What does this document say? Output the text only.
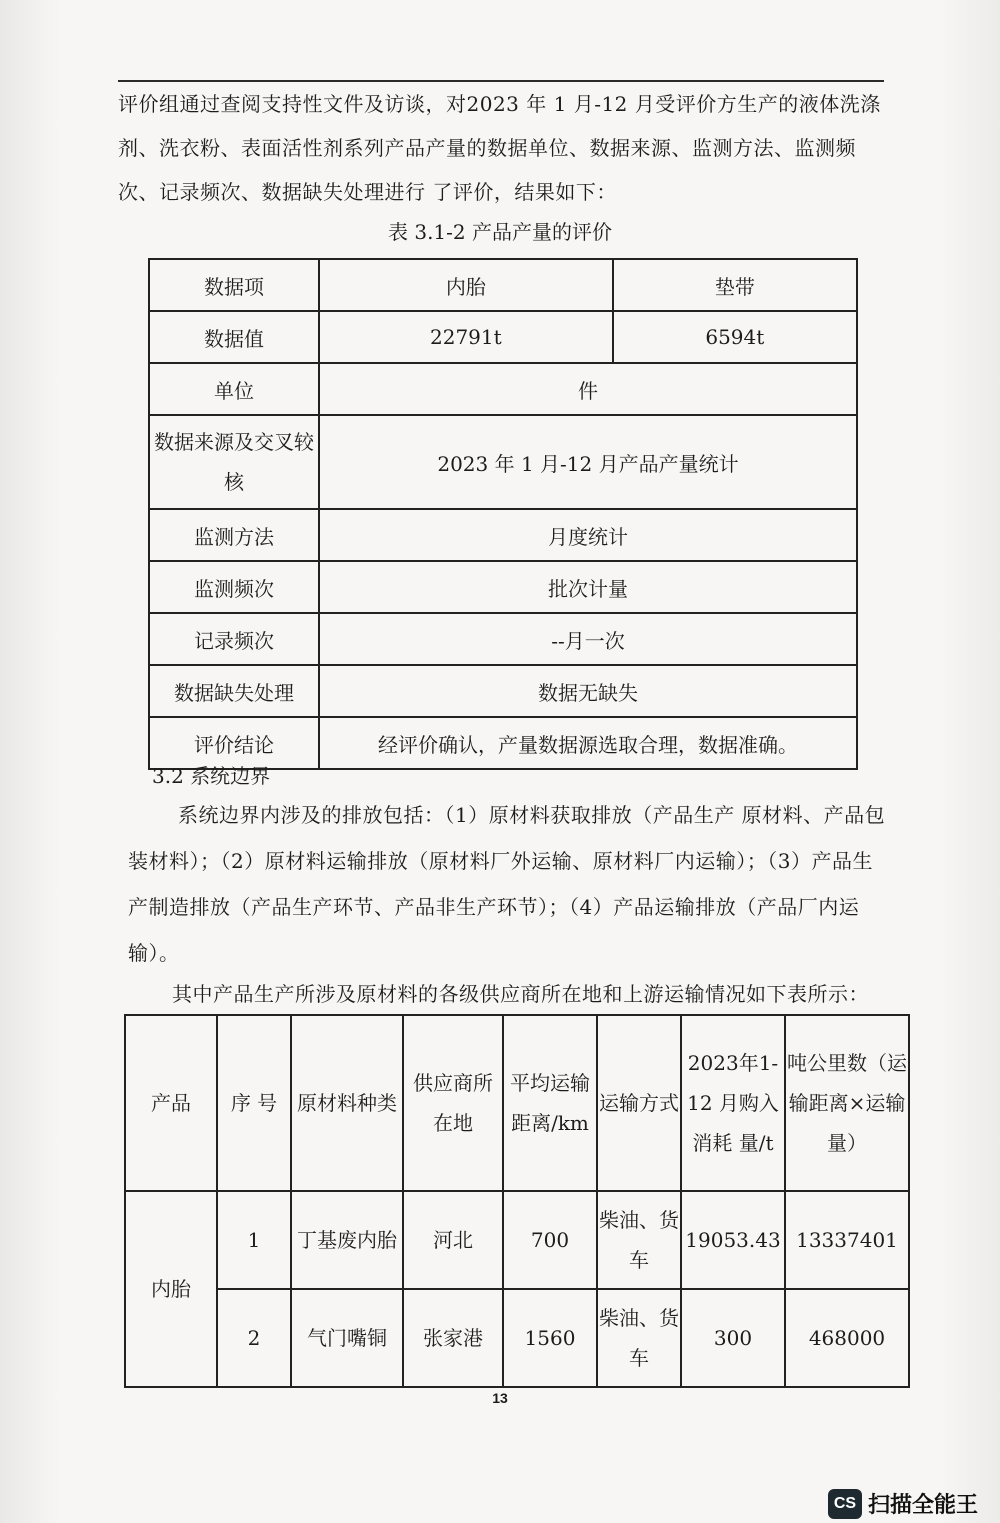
评价组通过查阅支持性文件及访谈，对2023 年 1 月-12 月受评价方生产的液体洗涤剂、洗衣粉、表面活性剂系列产品产量的数据单位、数据来源、监测方法、监测频次、记录频次、数据缺失处理进行 了评价，结果如下：
表 3.1-2 产品产量的评价
数据项	内胎	垫带
数据值	22791t	6594t
单位	件	
数据来源及交叉较核	2023 年 1 月-12 月产品产量统计	
监测方法	月度统计	
监测频次	批次计量	
记录频次	--月一次	
数据缺失处理	数据无缺失	
评价结论	经评价确认，产量数据源选取合理，数据准确。	
3.2 系统边界
系统边界内涉及的排放包括：（1）原材料获取排放（产品生产 原材料、产品包装材料）；（2）原材料运输排放（原材料厂外运输、原材料厂内运输）；（3）产品生产制造排放（产品生产环节、产品非生产环节）；（4）产品运输排放（产品厂内运输）。
其中产品生产所涉及原材料的各级供应商所在地和上游运输情况如下表所示：
产品	序 号	原材料种类	供应商所 在地	平均运输距离/km	运输方式	2023年1-12 月购入消耗 量/t	吨公里数（运输距离×运输量）
内胎	1	丁基废内胎	河北	700	柴油、货车	19053.43	13337401
	2	气门嘴铜	张家港	1560	柴油、货车	300	468000
13
CS 扫描全能王
